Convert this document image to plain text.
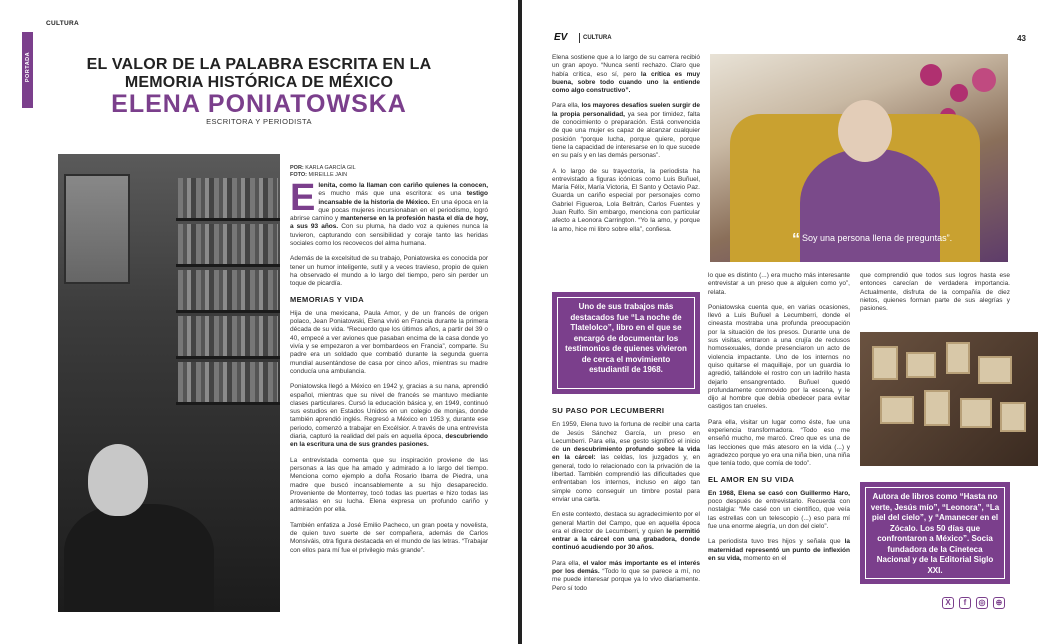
CULTURA
PORTADA	EL VALOR DE LA PALABRA ESCRITA EN LA MEMORIA HISTÓRICA DE MÉXICO
ELENA PONIATOWSKA
ESCRITORA Y PERIODISTA
POR: KARLA GARCÍA GIL
FOTO: MIREILLE JAIN

Elenita, como la llaman con cariño quienes la conocen, es mucho más que una escritora: es una testigo incansable de la historia de México. En una época en la que pocas mujeres incursionaban en el periodismo, logró abrirse camino y mantenerse en la profesión hasta el día de hoy, a sus 93 años. Con su pluma, ha dado voz a quienes nunca la tuvieron, capturando con sensibilidad y coraje tanto las heridas sociales como los recovecos del alma humana.

Además de la excelsitud de su trabajo, Poniatowska es conocida por tener un humor inteligente, sutil y a veces travieso, propio de quien ha observado el mundo a lo largo del tiempo, pero sin perder un toque de picardía.

MEMORIAS Y VIDA

Hija de una mexicana, Paula Amor, y de un francés de origen polaco, Jean Poniatowski, Elena vivió en Francia durante la primera década de su vida. “Recuerdo que los últimos años, a partir del 39 o 40, empecé a ver aviones que pasaban encima de la casa donde yo vivía y se empezaron a ver bombardeos en Francia”, comparte. Su padre era un soldado que combatió durante la segunda guerra mundial ausentándose de casa por cinco años, mientras su madre conducía una ambulancia.

Poniatowska llegó a México en 1942 y, gracias a su nana, aprendió español, mientras que su nivel de francés se mantuvo mediante clases particulares. Cursó la educación básica y, en 1949, continuó sus estudios en Estados Unidos en un colegio de monjas, donde también aprendió inglés. Regresó a México en 1953 y, durante ese periodo, comenzó a trabajar en Excélsior. A través de una entrevista diaria, capturó la realidad del país en aquella época, descubriendo en la escritura una de sus grandes pasiones.

La entrevistada comenta que su inspiración proviene de las personas a las que ha amado y admirado a lo largo del tiempo. Menciona como ejemplo a doña Rosario Ibarra de Piedra, una madre que buscó incansablemente a su hijo desaparecido. Proveniente de Monterrey, tocó todas las puertas e hizo todas las antesalas en su lucha. Elena expresa un profundo cariño y admiración por ella.

También enfatiza a José Emilio Pacheco, un gran poeta y novelista, de quien tuvo suerte de ser compañera, además de Carlos Monsiváis, otra figura destacada en el mundo de las letras. “Trabajar con ellos para mí fue el privilegio más grande”.

EV	CULTURA	43

Elena sostiene que a lo largo de su carrera recibió un gran apoyo. “Nunca sentí rechazo. Claro que había crítica, eso sí, pero la crítica es muy buena, sobre todo cuando uno la entiende como algo constructivo”.

Para ella, los mayores desafíos suelen surgir de la propia personalidad, ya sea por timidez, falta de conocimiento o preparación. Está convencida de que una mujer es capaz de alcanzar cualquier posición “porque lucha, porque quiere, porque tiene la capacidad de interesarse en lo que sucede en su país y en las demás personas”.

A lo largo de su trayectoria, la periodista ha entrevistado a figuras icónicas como Luis Buñuel, María Félix, María Victoria, El Santo y Octavio Paz. Guarda un cariño especial por personajes como Gabriel Figueroa, Lola Beltrán, Carlos Fuentes y Juan Rulfo. Sin embargo, menciona con particular afecto a Leonora Carrington. “Yo la amo, y porque la amo, hice mi libro sobre ella”, confiesa.

“ Soy una persona llena de preguntas”.

Uno de sus trabajos más destacados fue “La noche de Tlatelolco”, libro en el que se encargó de documentar los testimonios de quienes vivieron de cerca el movimiento estudiantil de 1968.

SU PASO POR LECUMBERRI

En 1959, Elena tuvo la fortuna de recibir una carta de Jesús Sánchez García, un preso en Lecumberri. Para ella, ese gesto significó el inicio de un descubrimiento profundo sobre la vida en la cárcel: las celdas, los juzgados y, en general, todo lo relacionado con la privación de la libertad. También comprendió las dificultades que enfrentaban los internos, incluso en algo tan simple como conseguir un timbre postal para enviar una carta.

En este contexto, destaca su agradecimiento por el general Martín del Campo, que en aquella época era el director de Lecumberri, y quien le permitió entrar a la cárcel con una grabadora, donde continuó acudiendo por 30 años.

Para ella, el valor más importante es el interés por los demás. “Todo lo que se parece a mí, no me puede interesar porque ya lo vivo diariamente. Pero sí todo

lo que es distinto (...) era mucho más interesante entrevistar a un preso que a alguien como yo”, relata.

Poniatowska cuenta que, en varias ocasiones, llevó a Luis Buñuel a Lecumberri, donde el cineasta mostraba una profunda preocupación por la situación de los presos. Durante una de sus visitas, entraron a una crujía de reclusos homosexuales, donde presenciaron un acto de violencia impactante. Uno de los internos no quiso quitarse el maquillaje, por un guardia lo agredió, tallándole el rostro con un ladrillo hasta dejarlo ensangrentado. Buñuel quedó profundamente conmovido por la escena, y le dijo al hombre que debía obedecer para evitar castigos tan crueles.

Para ella, visitar un lugar como éste, fue una experiencia transformadora. “Todo eso me enseñó mucho, me marcó. Creo que es una de las lecciones que más atesoro en la vida (...) y agradezco porque yo era una niña bien, una niña que tenía todo, que comía de todo”.

EL AMOR EN SU VIDA

En 1968, Elena se casó con Guillermo Haro, poco después de entrevistarlo. Recuerda con nostalgia: “Me casé con un científico, que veía las estrellas con un telescopio (...) eso para mí fue una enorme alegría, un don del cielo”.

La periodista tuvo tres hijos y señala que la maternidad representó un punto de inflexión en su vida, momento en el

que comprendió que todos sus logros hasta ese entonces carecían de verdadera importancia. Actualmente, disfruta de la compañía de diez nietos, quienes forman parte de sus alegrías y pasiones.

Autora de libros como “Hasta no verte, Jesús mío”, “Leonora”, “La piel del cielo”, y “Amanecer en el Zócalo. Los 50 días que confrontaron a México”. Socia fundadora de la Cineteca Nacional y de la Editorial Siglo XXI.

X	f	◎	⊕
